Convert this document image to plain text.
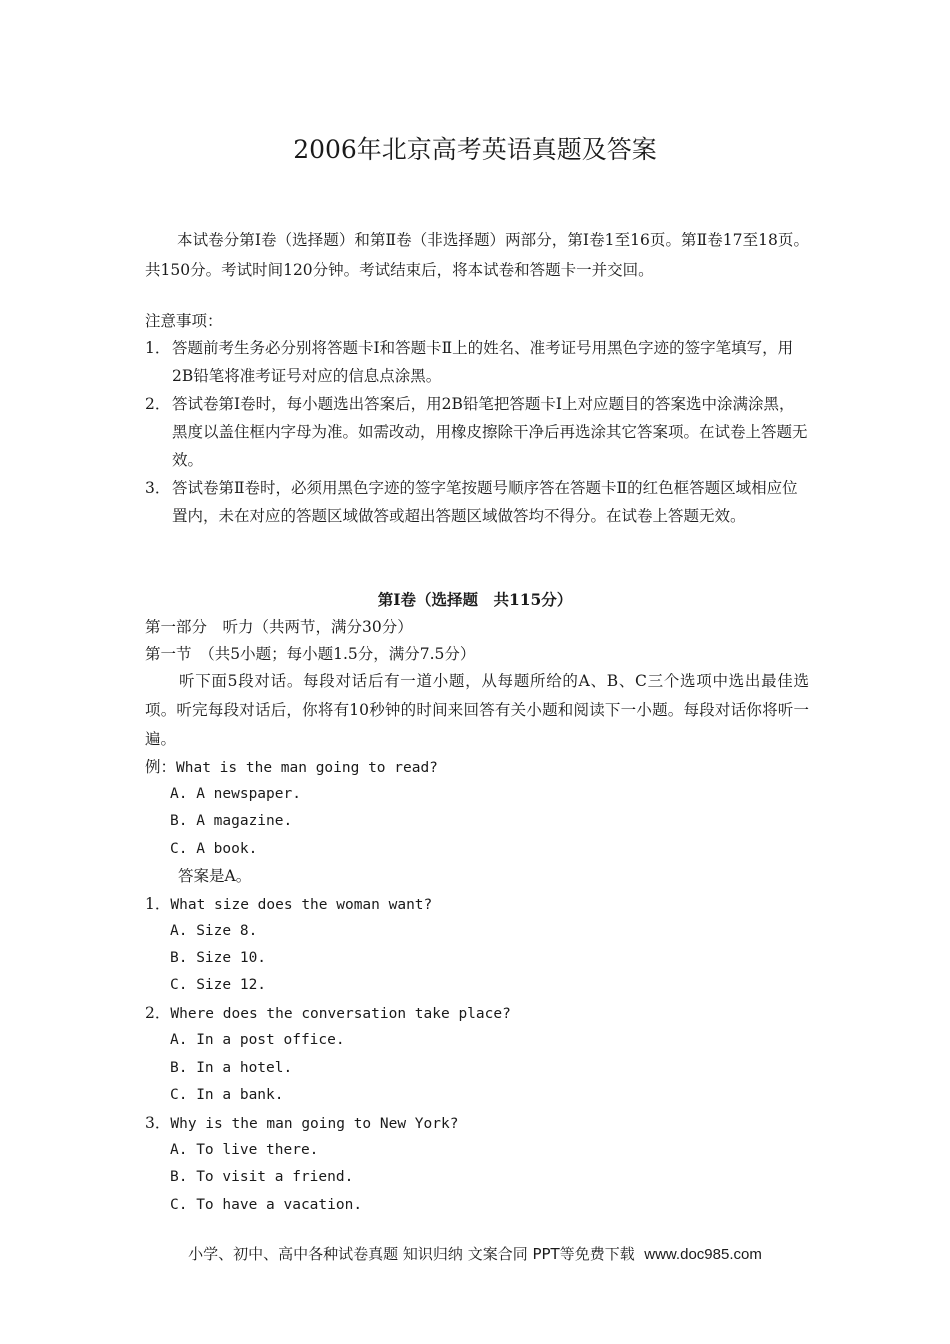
2006年北京高考英语真题及答案
本试卷分第Ⅰ卷（选择题）和第Ⅱ卷（非选择题）两部分，第Ⅰ卷1至16页。第Ⅱ卷17至18页。共150分。考试时间120分钟。考试结束后，将本试卷和答题卡一并交回。
注意事项：
1． 答题前考生务必分别将答题卡Ⅰ和答题卡Ⅱ上的姓名、准考证号用黑色字迹的签字笔填写，用2B铅笔将准考证号对应的信息点涂黑。
2． 答试卷第Ⅰ卷时，每小题选出答案后，用2B铅笔把答题卡Ⅰ上对应题目的答案选中涂满涂黑，黑度以盖住框内字母为准。如需改动，用橡皮擦除干净后再选涂其它答案项。在试卷上答题无效。
3． 答试卷第Ⅱ卷时，必须用黑色字迹的签字笔按题号顺序答在答题卡Ⅱ的红色框答题区域相应位置内，未在对应的答题区域做答或超出答题区域做答均不得分。在试卷上答题无效。
第Ⅰ卷（选择题　共115分）
第一部分　听力（共两节，满分30分）
第一节　（共5小题；每小题1.5分，满分7.5分）
听下面5段对话。每段对话后有一道小题，从每题所给的A、B、C三个选项中选出最佳选项。听完每段对话后，你将有10秒钟的时间来回答有关小题和阅读下一小题。每段对话你将听一遍。
例：What is the man going to read?
A. A newspaper.
B. A magazine.
C. A book.
答案是A。
1．What size does the woman want?
A. Size 8.
B. Size 10.
C. Size 12.
2．Where does the conversation take place?
A. In a post office.
B. In a hotel.
C. In a bank.
3．Why is the man going to New York?
A. To live there.
B. To visit a friend.
C. To have a vacation.
小学、初中、高中各种试卷真题 知识归纳 文案合同 PPT等免费下载 www.doc985.com
